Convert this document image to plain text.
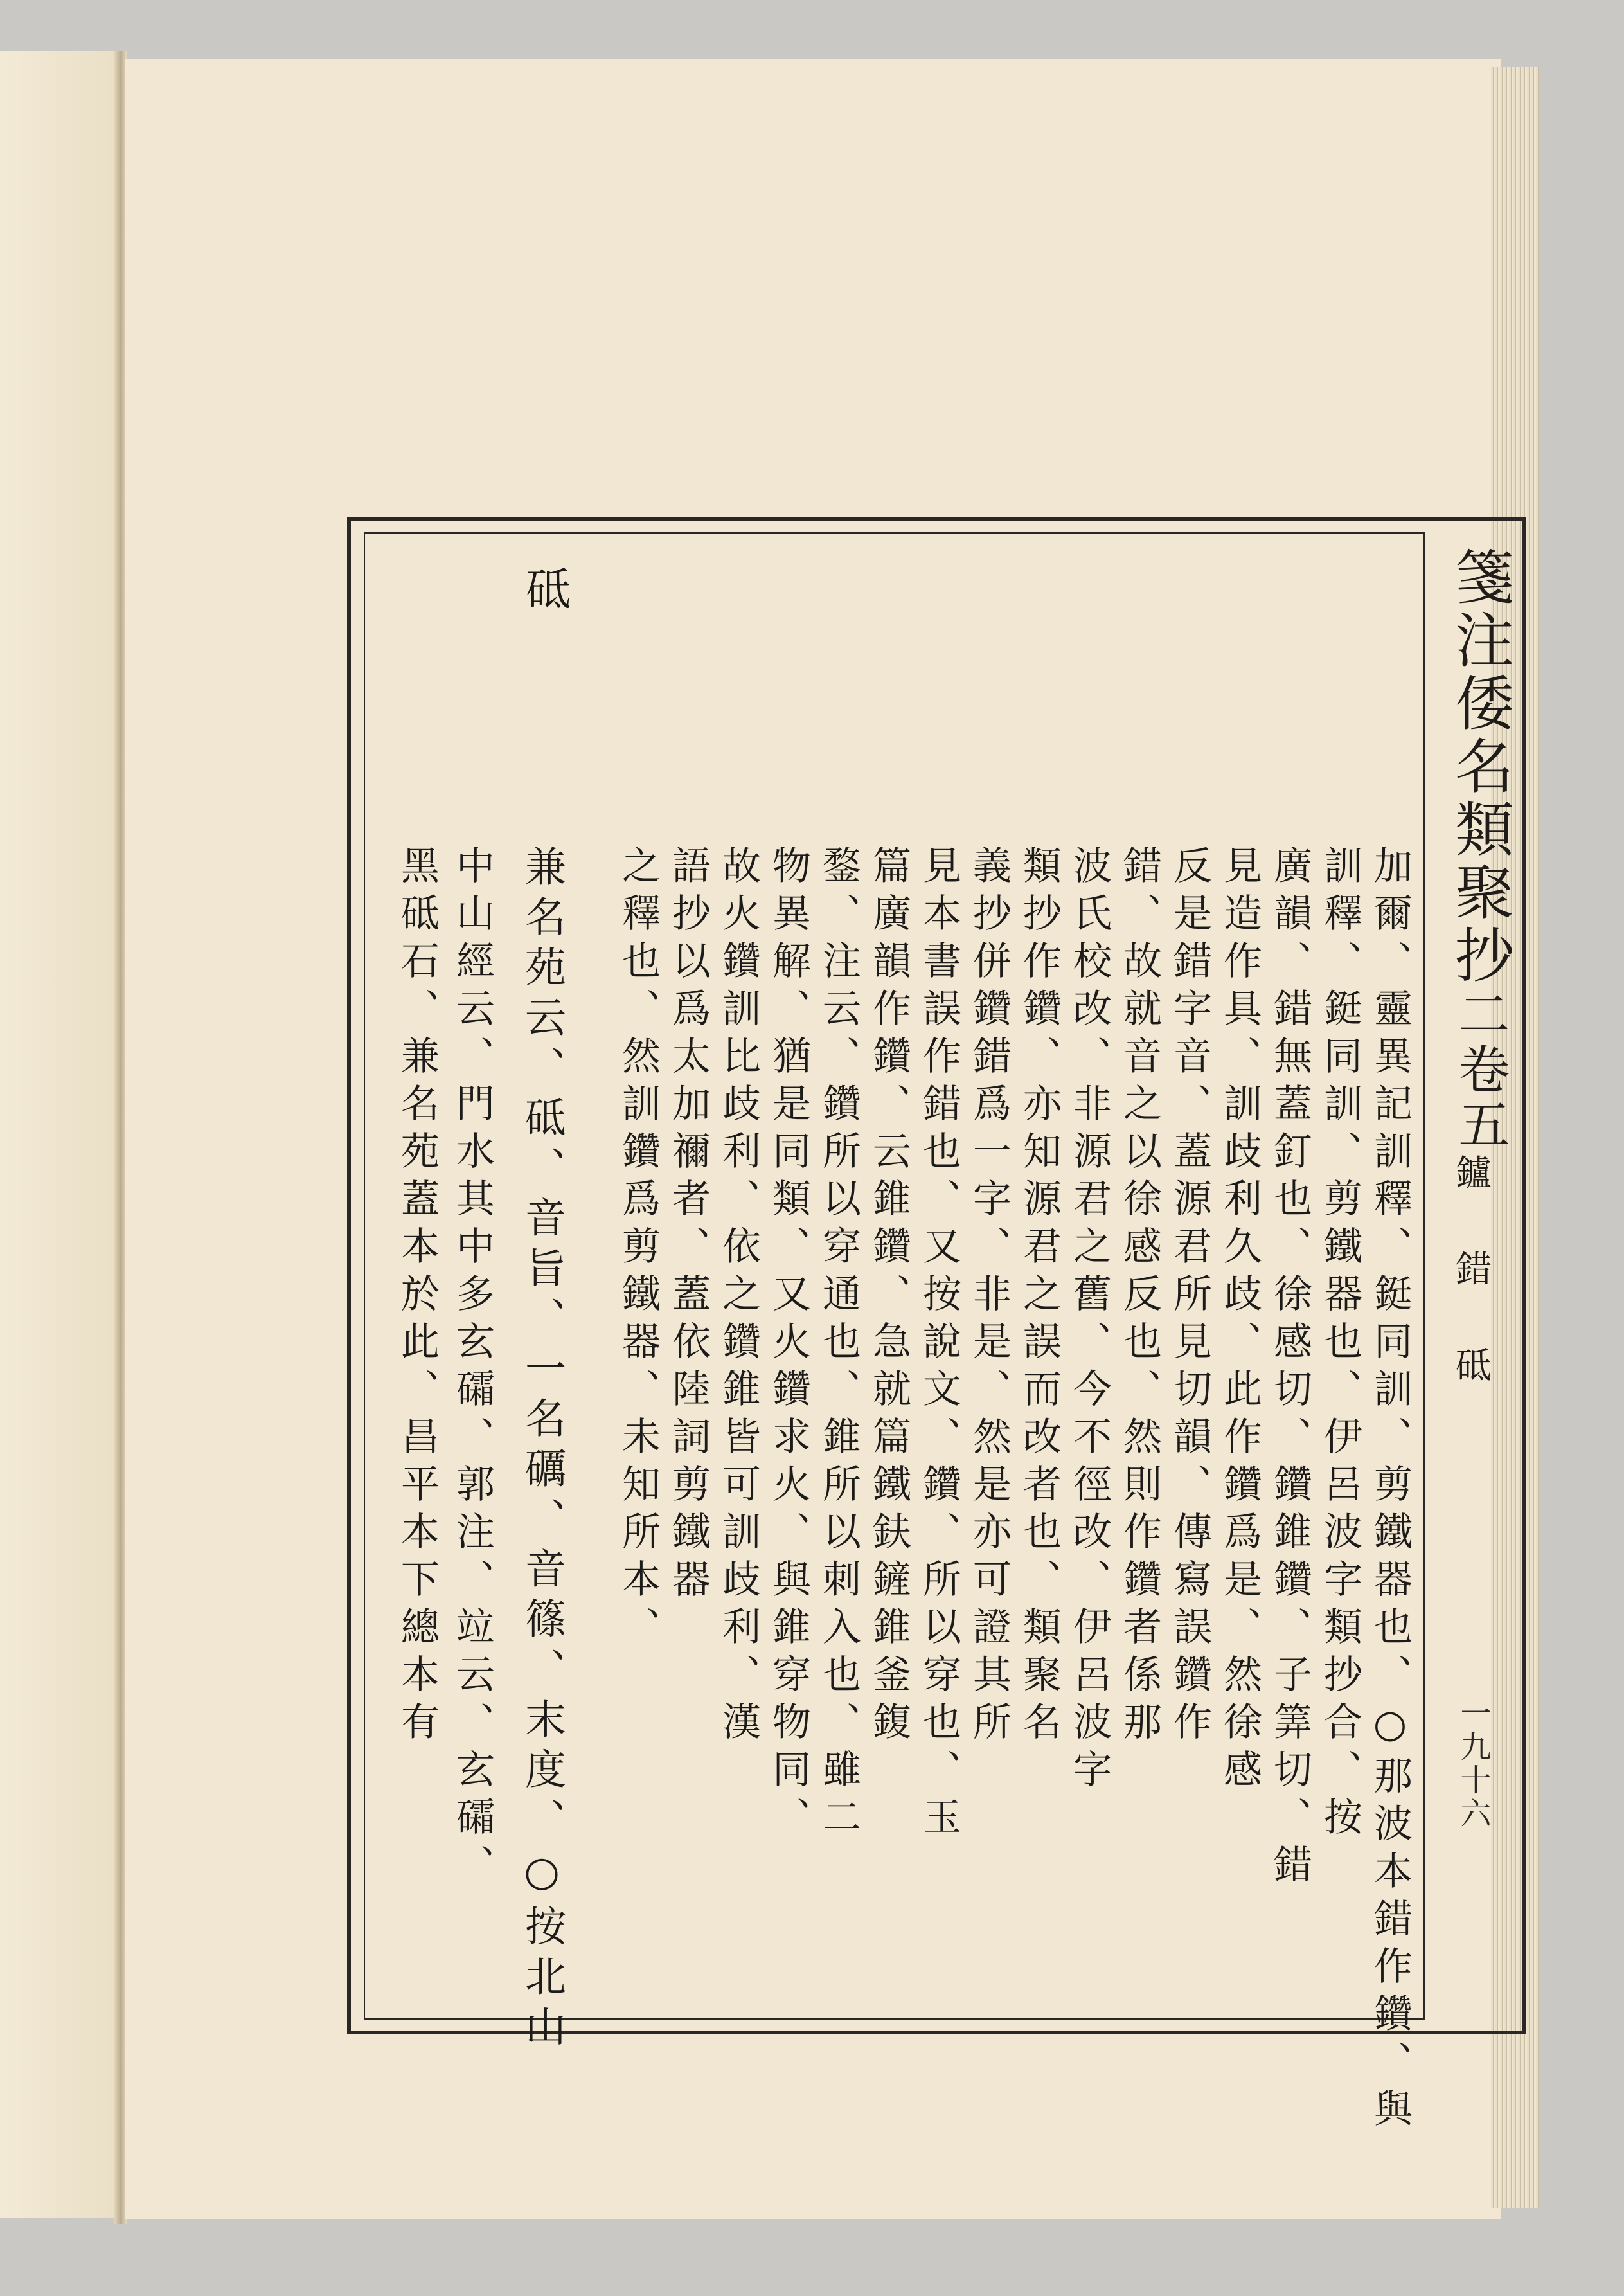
箋注倭名類聚抄二卷五
鑪 錯 砥
一九十六
砥
加爾、靈異記訓釋、鋌同訓、剪鐵器也、○那波本錯作鑽、與
訓釋、鋌同訓、剪鐵器也、伊呂波字類抄合、按
廣韻、錯無蓋釘也、徐感切、鑽錐鑽、子筭切、錯
見造作具、訓歧利久歧、此作鑽爲是、然徐感
反是錯字音、蓋源君所見切韻、傳寫誤鑽作
錯、故就音之以徐感反也、然則作鑽者係那
波氏校改、非源君之舊、今不徑改、伊呂波字
類抄作鑽、亦知源君之誤而改者也、類聚名
義抄併鑽錯爲一字、非是、然是亦可證其所
見本書誤作錯也、又按說文、鑽、所以穿也、玉
篇廣韻作鑽、云錐鑽、急就篇鐵鈇鏟錐釜鍑
鍪、注云、鑽所以穿通也、錐所以刺入也、雖二
物異解、猶是同類、又火鑽求火、與錐穿物同、
故火鑽訓比歧利、依之鑽錐皆可訓歧利、漢
語抄以爲太加禰者、蓋依陸詞剪鐵器
之釋也、然訓鑽爲剪鐵器、未知所本、
兼名苑云、砥、音旨、一名礪、音篠、末度、○按北山
中山經云、門水其中多玄礵、郭注、竝云、玄礵、
黑砥石、兼名苑蓋本於此、昌平本下總本有
